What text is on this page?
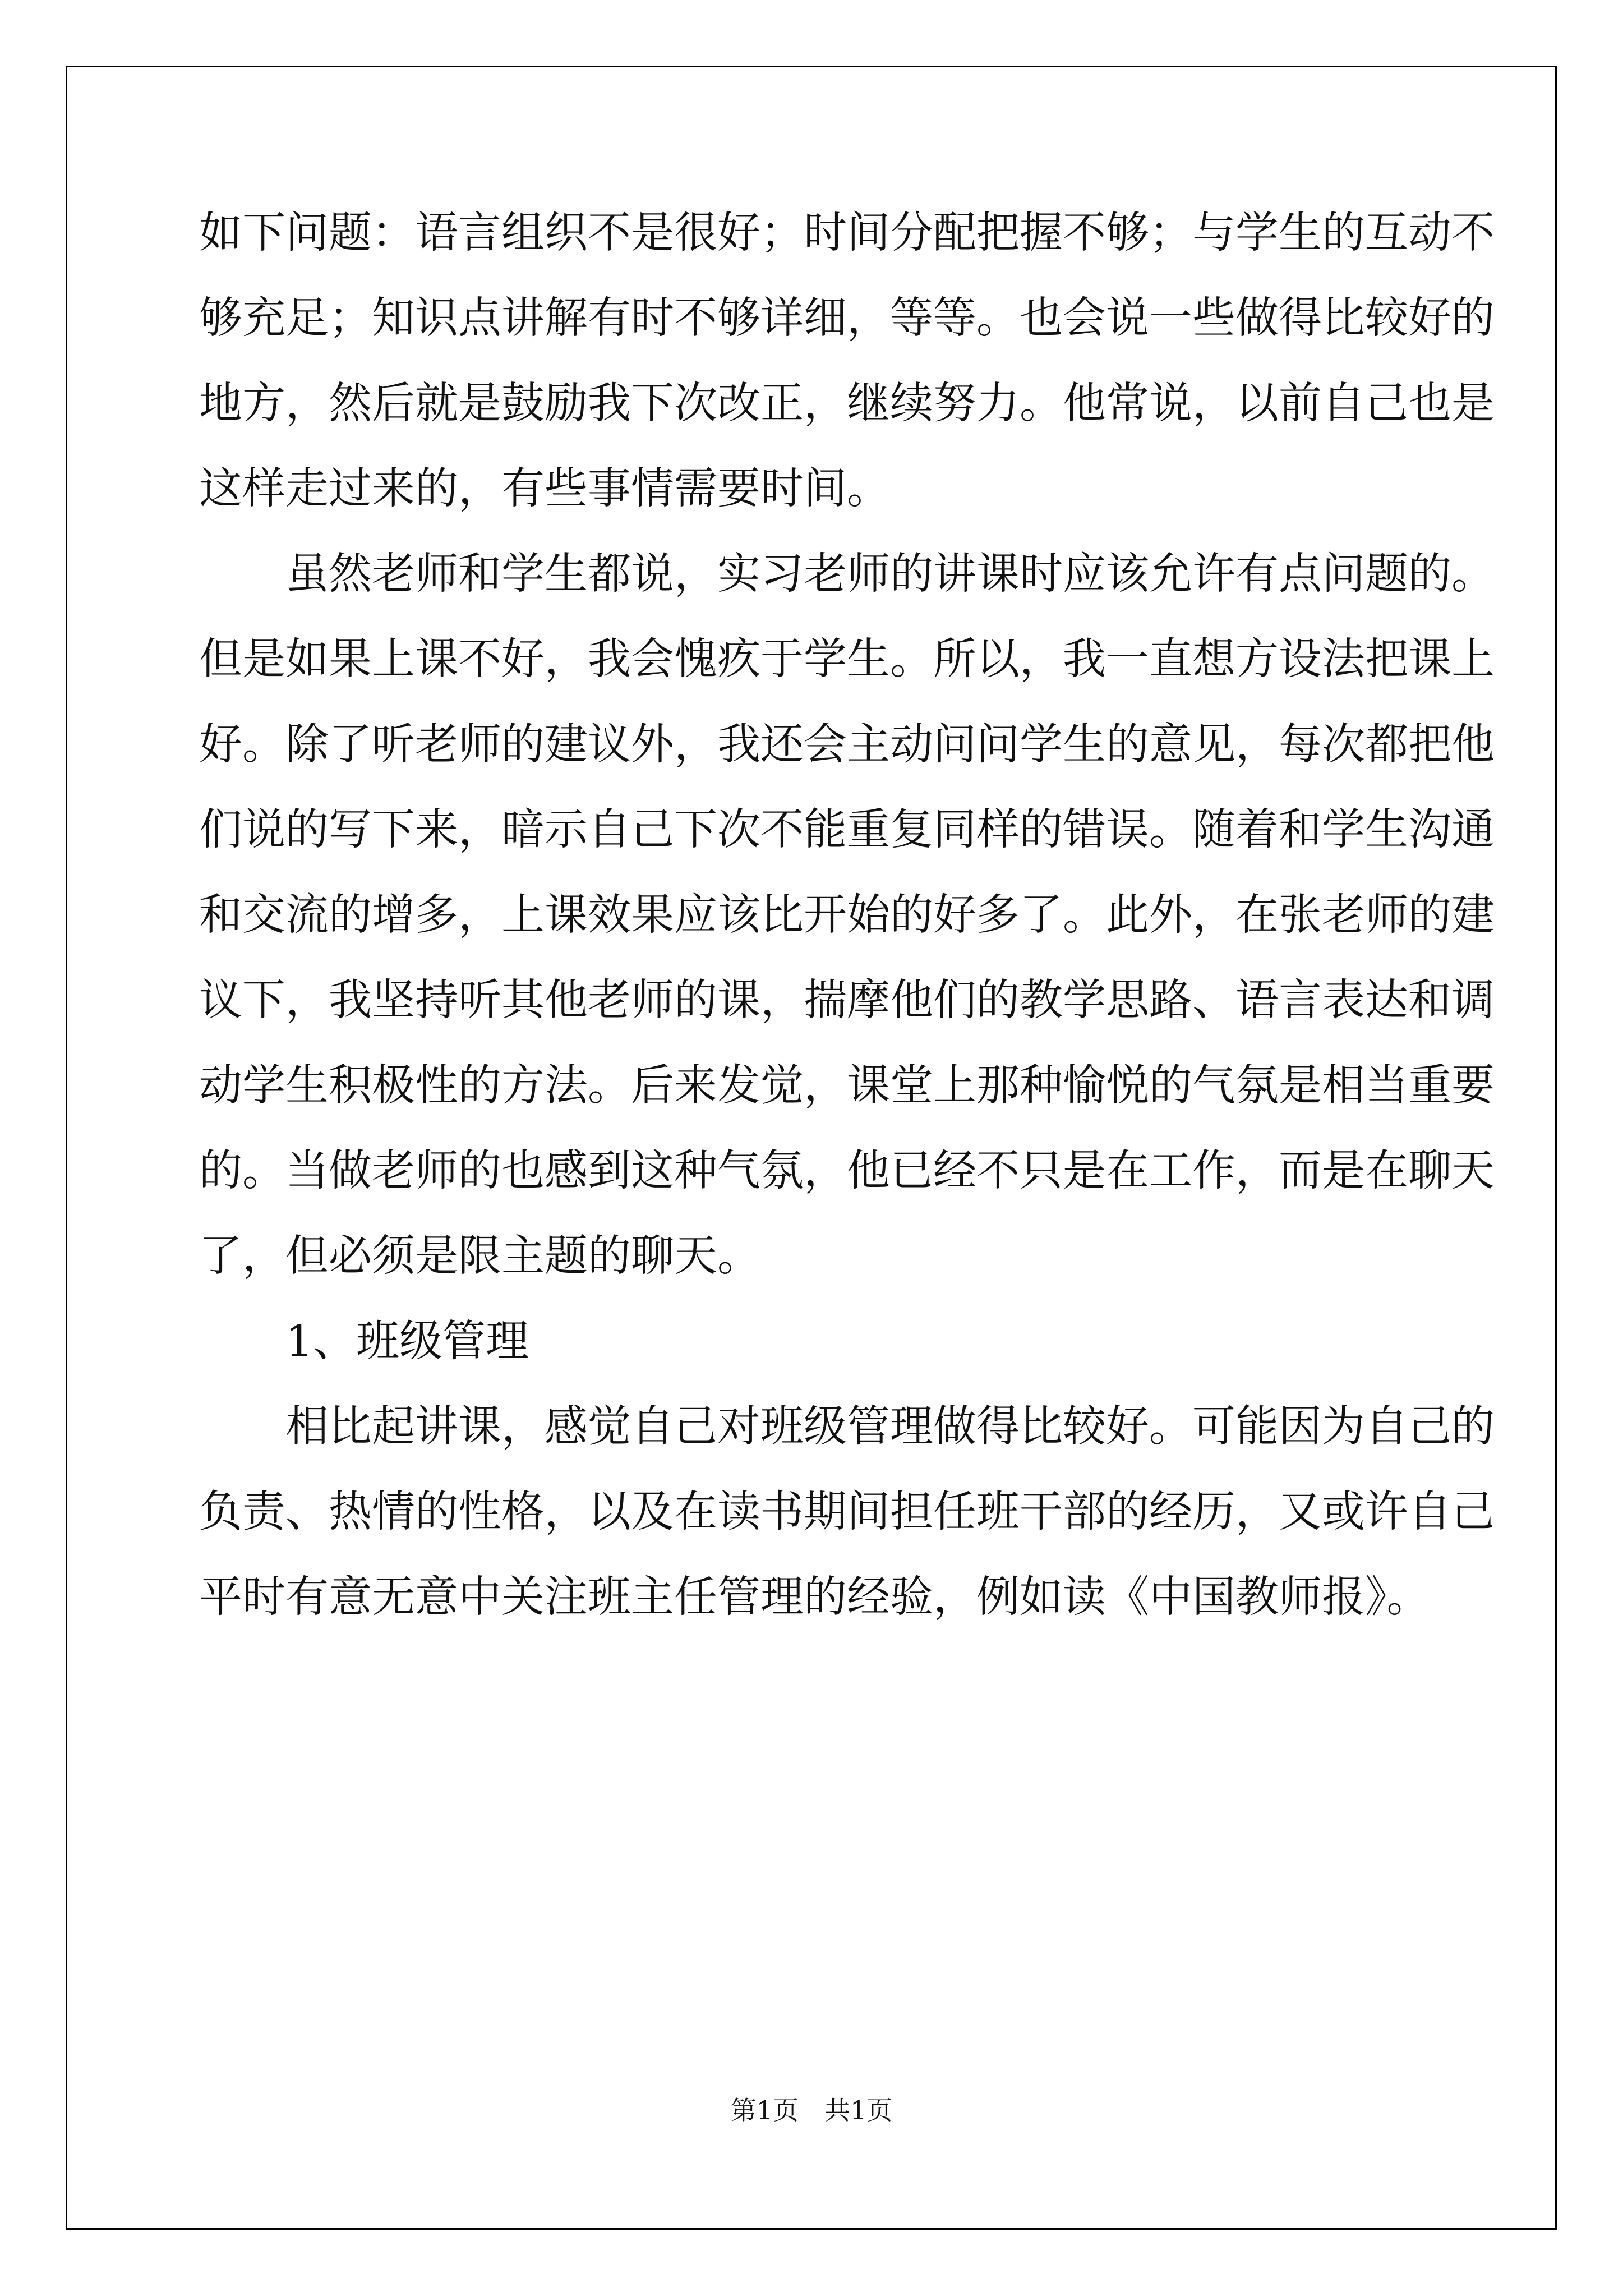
如下问题：语言组织不是很好；时间分配把握不够；与学生的互动不
够充足；知识点讲解有时不够详细，等等。也会说一些做得比较好的
地方，然后就是鼓励我下次改正，继续努力。他常说，以前自己也是
这样走过来的，有些事情需要时间。
虽然老师和学生都说，实习老师的讲课时应该允许有点问题的。
但是如果上课不好，我会愧疚于学生。所以，我一直想方设法把课上
好。除了听老师的建议外，我还会主动问问学生的意见，每次都把他
们说的写下来，暗示自己下次不能重复同样的错误。随着和学生沟通
和交流的增多，上课效果应该比开始的好多了。此外，在张老师的建
议下，我坚持听其他老师的课，揣摩他们的教学思路、语言表达和调
动学生积极性的方法。后来发觉，课堂上那种愉悦的气氛是相当重要
的。当做老师的也感到这种气氛，他已经不只是在工作，而是在聊天
了，但必须是限主题的聊天。
1、班级管理
相比起讲课，感觉自己对班级管理做得比较好。可能因为自己的
负责、热情的性格，以及在读书期间担任班干部的经历，又或许自己
平时有意无意中关注班主任管理的经验，例如读《中国教师报》。
第1页　共1页
